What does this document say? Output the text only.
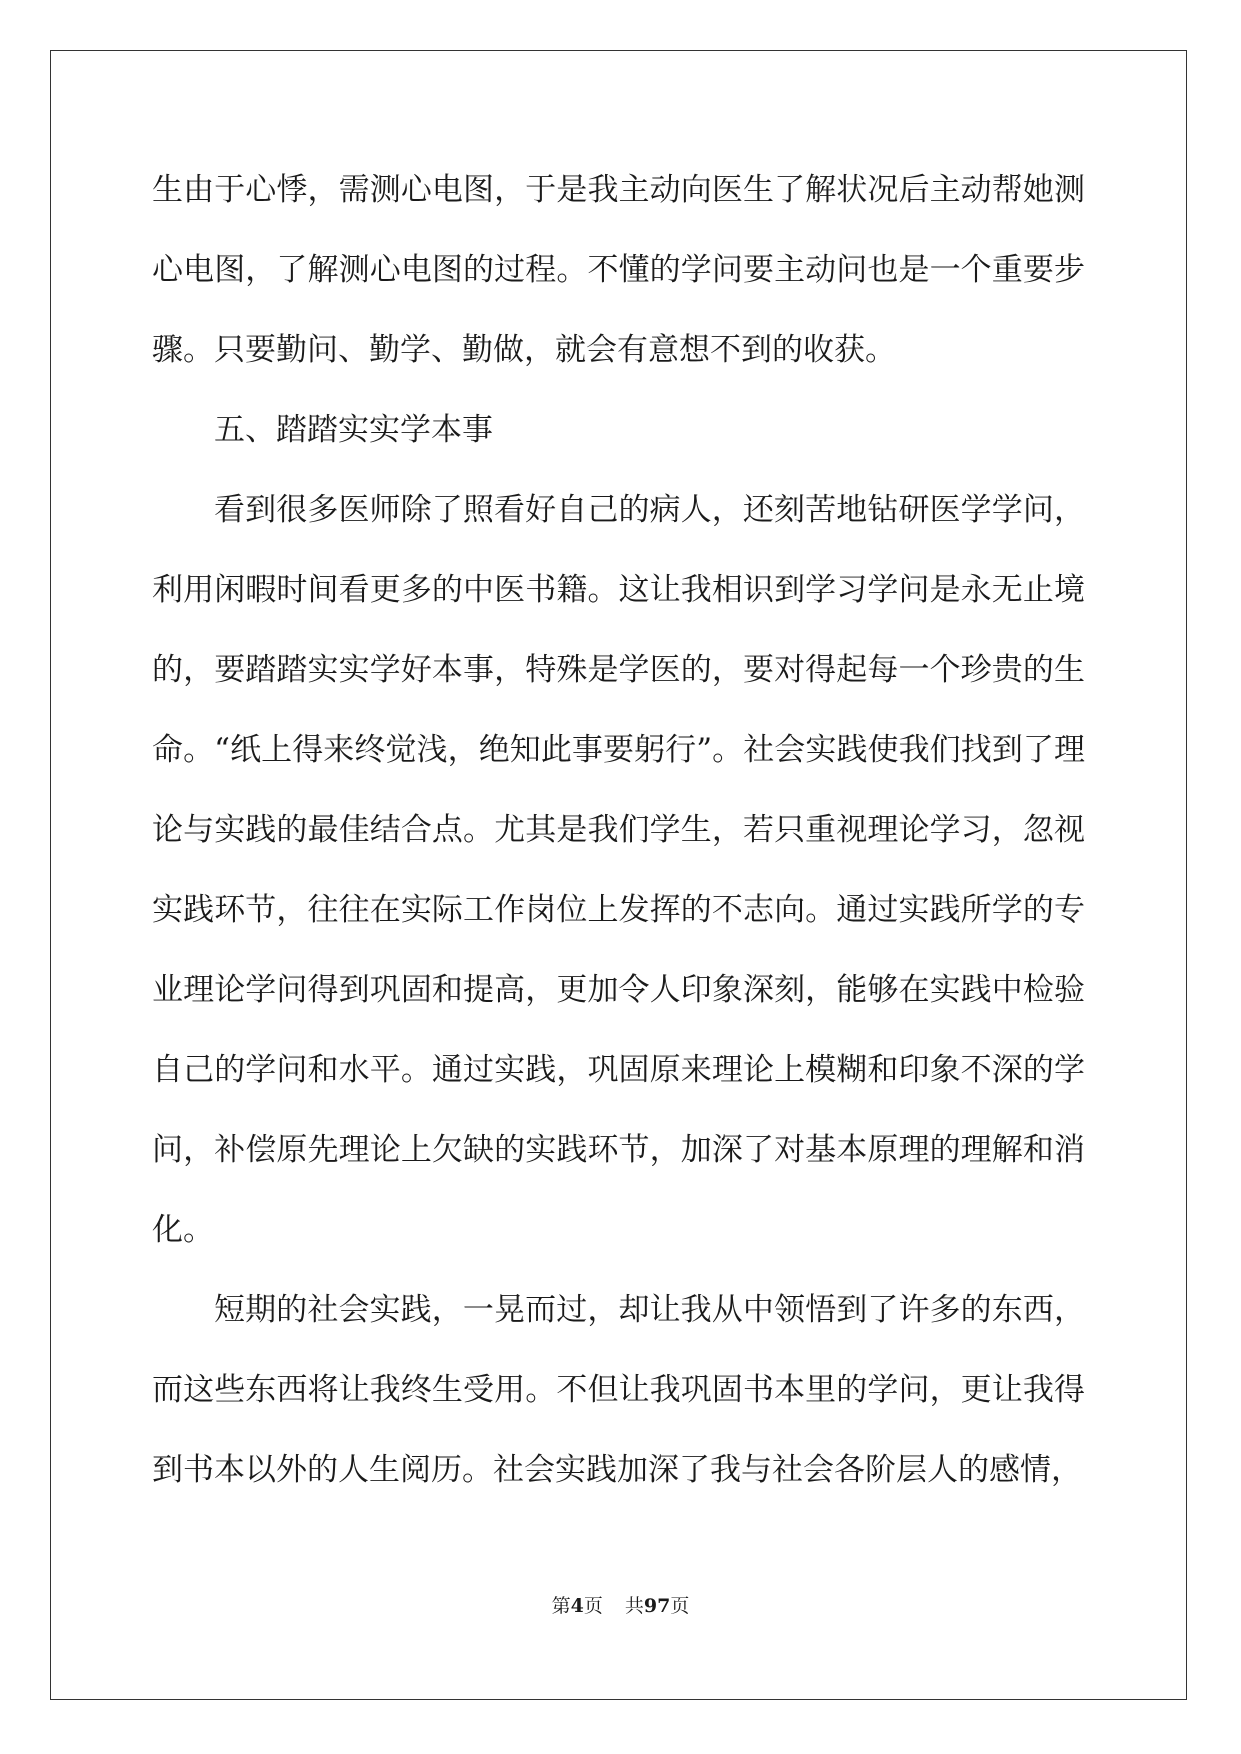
生由于心悸，需测心电图，于是我主动向医生了解状况后主动帮她测
心电图，了解测心电图的过程。不懂的学问要主动问也是一个重要步
骤。只要勤问、勤学、勤做，就会有意想不到的收获。
五、踏踏实实学本事
看到很多医师除了照看好自己的病人，还刻苦地钻研医学学问，
利用闲暇时间看更多的中医书籍。这让我相识到学习学问是永无止境
的，要踏踏实实学好本事，特殊是学医的，要对得起每一个珍贵的生
命。“纸上得来终觉浅，绝知此事要躬行”。社会实践使我们找到了理
论与实践的最佳结合点。尤其是我们学生，若只重视理论学习，忽视
实践环节，往往在实际工作岗位上发挥的不志向。通过实践所学的专
业理论学问得到巩固和提高，更加令人印象深刻，能够在实践中检验
自己的学问和水平。通过实践，巩固原来理论上模糊和印象不深的学
问，补偿原先理论上欠缺的实践环节，加深了对基本原理的理解和消
化。
短期的社会实践，一晃而过，却让我从中领悟到了许多的东西，
而这些东西将让我终生受用。不但让我巩固书本里的学问，更让我得
到书本以外的人生阅历。社会实践加深了我与社会各阶层人的感情，
第4页 共97页
